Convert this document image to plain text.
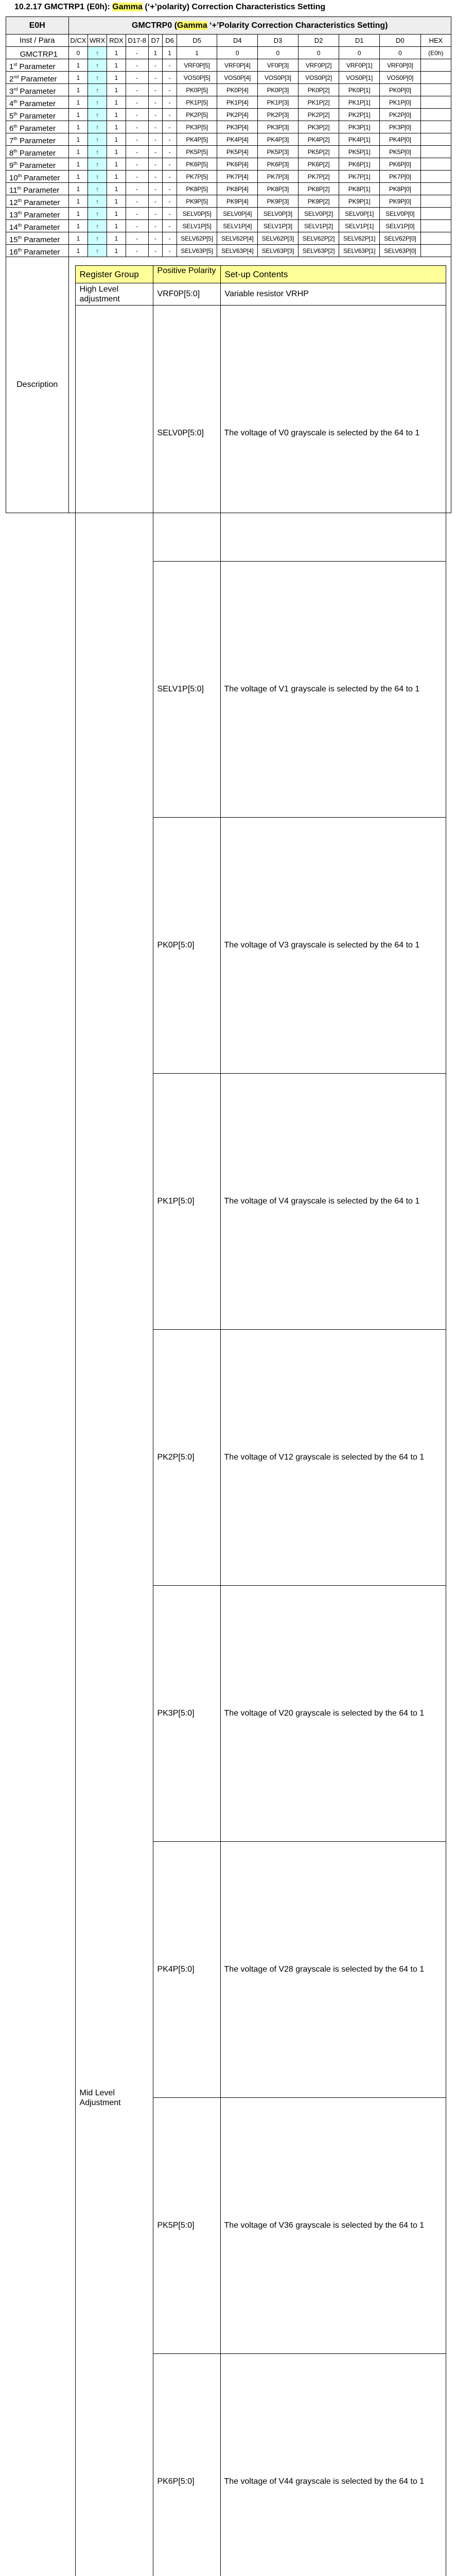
10.2.17 GMCTRP1 (E0h): Gamma (‘+’polarity) Correction Characteristics Setting
E0H	GMCTRP0 (Gamma ‘+’Polarity Correction Characteristics Setting)
Inst / Para	D/CX	WRX	RDX	D17-8	D7	D6	D5	D4	D3	D2	D1	D0	HEX
GMCTRP1	0	↑	1	-	1	1	1	0	0	0	0	0	(E0h)
1st Parameter	1	↑	1	-	-	-	VRF0P[5]	VRF0P[4]	VF0P[3]	VRF0P[2]	VRF0P[1]	VRF0P[0]	
2nd Parameter	1	↑	1	-	-	-	VOS0P[5]	VOS0P[4]	VOS0P[3]	VOS0P[2]	VOS0P[1]	VOS0P[0]	
3rd Parameter	1	↑	1	-	-	-	PK0P[5]	PK0P[4]	PK0P[3]	PK0P[2]	PK0P[1]	PK0P[0]	
4th Parameter	1	↑	1	-	-	-	PK1P[5]	PK1P[4]	PK1P[3]	PK1P[2]	PK1P[1]	PK1P[0]	
5th Parameter	1	↑	1	-	-	-	PK2P[5]	PK2P[4]	PK2P[3]	PK2P[2]	PK2P[1]	PK2P[0]	
6th Parameter	1	↑	1	-	-	-	PK3P[5]	PK3P[4]	PK3P[3]	PK3P[2]	PK3P[1]	PK3P[0]	
7th Parameter	1	↑	1	-	-	-	PK4P[5]	PK4P[4]	PK4P[3]	PK4P[2]	PK4P[1]	PK4P[0]	
8th Parameter	1	↑	1	-	-	-	PK5P[5]	PK5P[4]	PK5P[3]	PK5P[2]	PK5P[1]	PK5P[0]	
9th Parameter	1	↑	1	-	-	-	PK6P[5]	PK6P[4]	PK6P[3]	PK6P[2]	PK6P[1]	PK6P[0]	
10th Parameter	1	↑	1	-	-	-	PK7P[5]	PK7P[4]	PK7P[3]	PK7P[2]	PK7P[1]	PK7P[0]	
11th Parameter	1	↑	1	-	-	-	PK8P[5]	PK8P[4]	PK8P[3]	PK8P[2]	PK8P[1]	PK8P[0]	
12th Parameter	1	↑	1	-	-	-	PK9P[5]	PK9P[4]	PK9P[3]	PK9P[2]	PK9P[1]	PK9P[0]	
13th Parameter	1	↑	1	-	-	-	SELV0P[5]	SELV0P[4]	SELV0P[3]	SELV0P[2]	SELV0P[1]	SELV0P[0]	
14th Parameter	1	↑	1	-	-	-	SELV1P[5]	SELV1P[4]	SELV1P[3]	SELV1P[2]	SELV1P[1]	SELV1P[0]	
15th Parameter	1	↑	1	-	-	-	SELV62P[5]	SELV62P[4]	SELV62P[3]	SELV62P[2]	SELV62P[1]	SELV62P[0]	
16th Parameter	1	↑	1	-	-	-	SELV63P[5]	SELV63P[4]	SELV63P[3]	SELV63P[2]	SELV63P[1]	SELV63P[0]	
Description	
Register Group	Positive Polarity	Set-up Contents
High Level adjustment	VRF0P[5:0]	Variable resistor VRHP
Mid Level Adjustment	SELV0P[5:0]	The voltage of V0 grayscale is selected by the 64 to 1
SELV1P[5:0]	The voltage of V1 grayscale is selected by the 64 to 1
PK0P[5:0]	The voltage of V3 grayscale is selected by the 64 to 1
PK1P[5:0]	The voltage of V4 grayscale is selected by the 64 to 1
PK2P[5:0]	The voltage of V12 grayscale is selected by the 64 to 1
PK3P[5:0]	The voltage of V20 grayscale is selected by the 64 to 1
PK4P[5:0]	The voltage of V28 grayscale is selected by the 64 to 1
PK5P[5:0]	The voltage of V36 grayscale is selected by the 64 to 1
PK6P[5:0]	The voltage of V44 grayscale is selected by the 64 to 1
